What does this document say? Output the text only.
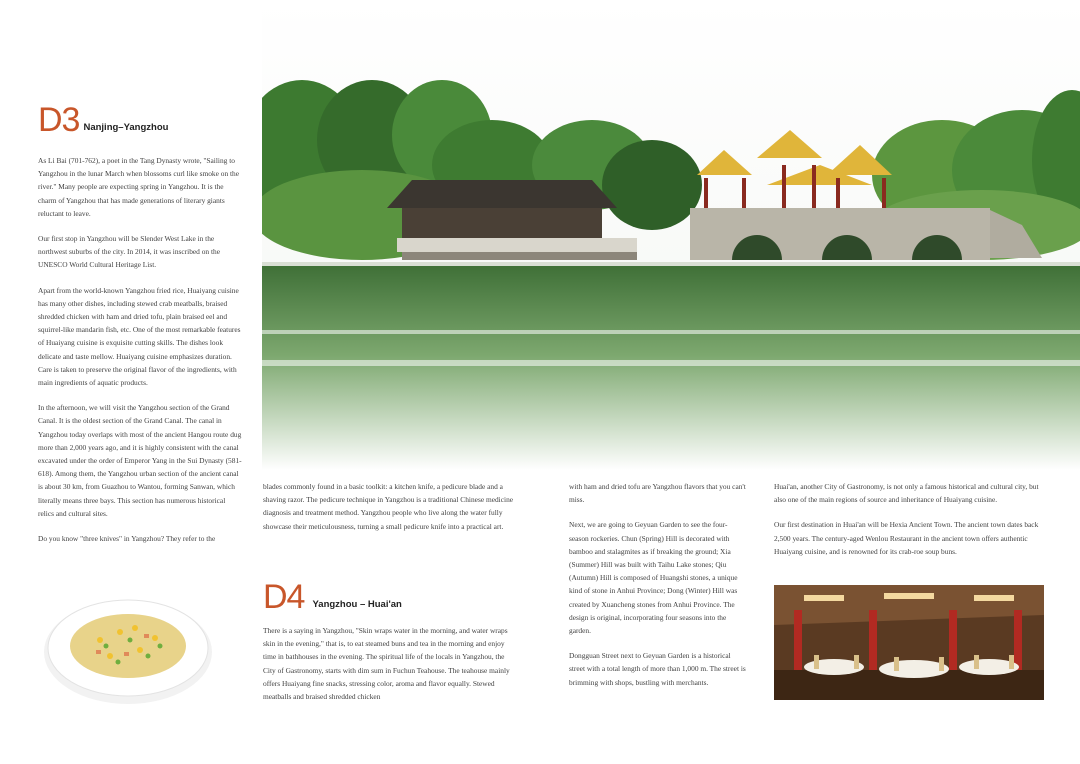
D3 Nanjing–Yangzhou

As Li Bai (701-762), a poet in the Tang Dynasty wrote, "Sailing to Yangzhou in the lunar March when blossoms curl like smoke on the river." Many people are expecting spring in Yangzhou. It is the charm of Yangzhou that has made generations of literary giants reluctant to leave.

Our first stop in Yangzhou will be Slender West Lake in the northwest suburbs of the city. In 2014, it was inscribed on the UNESCO World Cultural Heritage List.

Apart from the world-known Yangzhou fried rice, Huaiyang cuisine has many other dishes, including stewed crab meatballs, braised shredded chicken with ham and dried tofu, plain braised eel and squirrel-like mandarin fish, etc. One of the most remarkable features of Huaiyang cuisine is exquisite cutting skills. The dishes look delicate and taste mellow. Huaiyang cuisine emphasizes duration. Care is taken to preserve the original flavor of the ingredients, with main ingredients of aquatic products.

In the afternoon, we will visit the Yangzhou section of the Grand Canal. It is the oldest section of the Grand Canal. The canal in Yangzhou today overlaps with most of the ancient Hangou route dug more than 2,000 years ago, and it is highly consistent with the canal excavated under the order of Emperor Yang in the Sui Dynasty (581-618). Among them, the Yangzhou urban section of the ancient canal is about 30 km, from Guazhou to Wantou, forming Sanwan, which literally means three bays. This section has numerous historical relics and cultural sites.

Do you know "three knives" in Yangzhou? They refer to the

blades commonly found in a basic toolkit: a kitchen knife, a pedicure blade and a shaving razor. The pedicure technique in Yangzhou is a traditional Chinese medicine diagnosis and treatment method. Yangzhou people who live along the water fully showcase their meticulousness, turning a small pedicure knife into a practical art.

D4 Yangzhou – Huai'an

There is a saying in Yangzhou, "Skin wraps water in the morning, and water wraps skin in the evening," that is, to eat steamed buns and tea in the morning and enjoy time in bathhouses in the evening. The spiritual life of the locals in Yangzhou, the City of Gastronomy, starts with dim sum in Fuchun Teahouse. The teahouse mainly offers Huaiyang fine snacks, stressing color, aroma and flavor equally. Stewed meatballs and braised shredded chicken

with ham and dried tofu are Yangzhou flavors that you can't miss.

Next, we are going to Geyuan Garden to see the four-season rockeries. Chun (Spring) Hill is decorated with bamboo and stalagmites as if breaking the ground; Xia (Summer) Hill was built with Taihu Lake stones; Qiu (Autumn) Hill is composed of Huangshi stones, a unique kind of stone in Anhui Province; Dong (Winter) Hill was created by Xuancheng stones from Anhui Province. The design is original, incorporating four seasons into the garden.

Dongguan Street next to Geyuan Garden is a historical street with a total length of more than 1,000 m. The street is brimming with shops, bustling with merchants.

Huai'an, another City of Gastronomy, is not only a famous historical and cultural city, but also one of the main regions of source and inheritance of Huaiyang cuisine.

Our first destination in Huai'an will be Hexia Ancient Town. The ancient town dates back 2,500 years. The century-aged Wenlou Restaurant in the ancient town offers authentic Huaiyang cuisine, and is renowned for its crab-roe soup buns.
